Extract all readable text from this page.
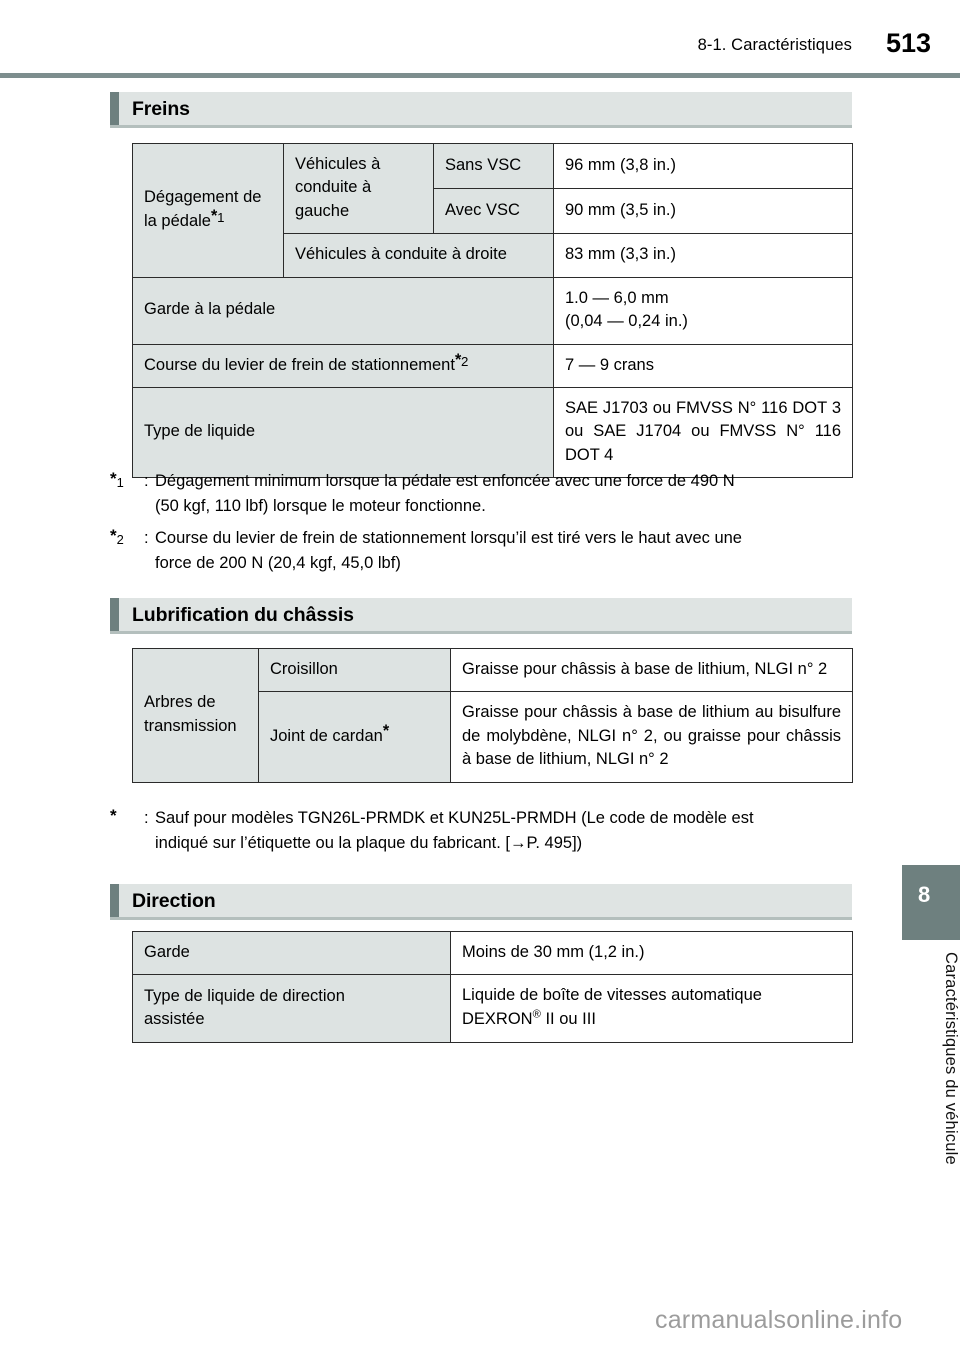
8-1. Caractéristiques 513
Freins
Dégagement de la pédale$^{*1}$	Véhicules à conduite à gauche	Sans VSC	96 mm (3,8 in.)
		Avec VSC	90 mm (3,5 in.)
	Véhicules à conduite à droite		83 mm (3,3 in.)
Garde à la pédale			1.0 — 6,0 mm
(0,04 — 0,24 in.)
Course du levier de frein de stationnement$^{*2}$			7 — 9 crans
Type de liquide			SAE J1703 ou FMVSS N° 116 DOT 3 ou SAE J1704 ou FMVSS N° 116 DOT 4
*1	: Dégagement minimum lorsque la pédale est enfoncée avec une force de 490 N
(50 kgf, 110 lbf) lorsque le moteur fonctionne.
*2	: Course du levier de frein de stationnement lorsqu’il est tiré vers le haut avec une
force de 200 N (20,4 kgf, 45,0 lbf)
Lubrification du châssis
Arbres de
transmission	Croisillon	Graisse pour châssis à base de lithium, NLGI n° 2
	Joint de cardan*	Graisse pour châssis à base de lithium au bisulfure de molybdène, NLGI n° 2, ou graisse pour châssis à base de lithium, NLGI n° 2
*	: Sauf pour modèles TGN26L-PRMDK et KUN25L-PRMDH (Le code de modèle est
indiqué sur l’étiquette ou la plaque du fabricant. [→P. 495])
Direction
Garde	Moins de 30 mm (1,2 in.)
Type de liquide de direction
assistée	Liquide de boîte de vitesses automatique
DEXRON® II ou III
8
Caractéristiques du véhicule
carmanualsonline.info
